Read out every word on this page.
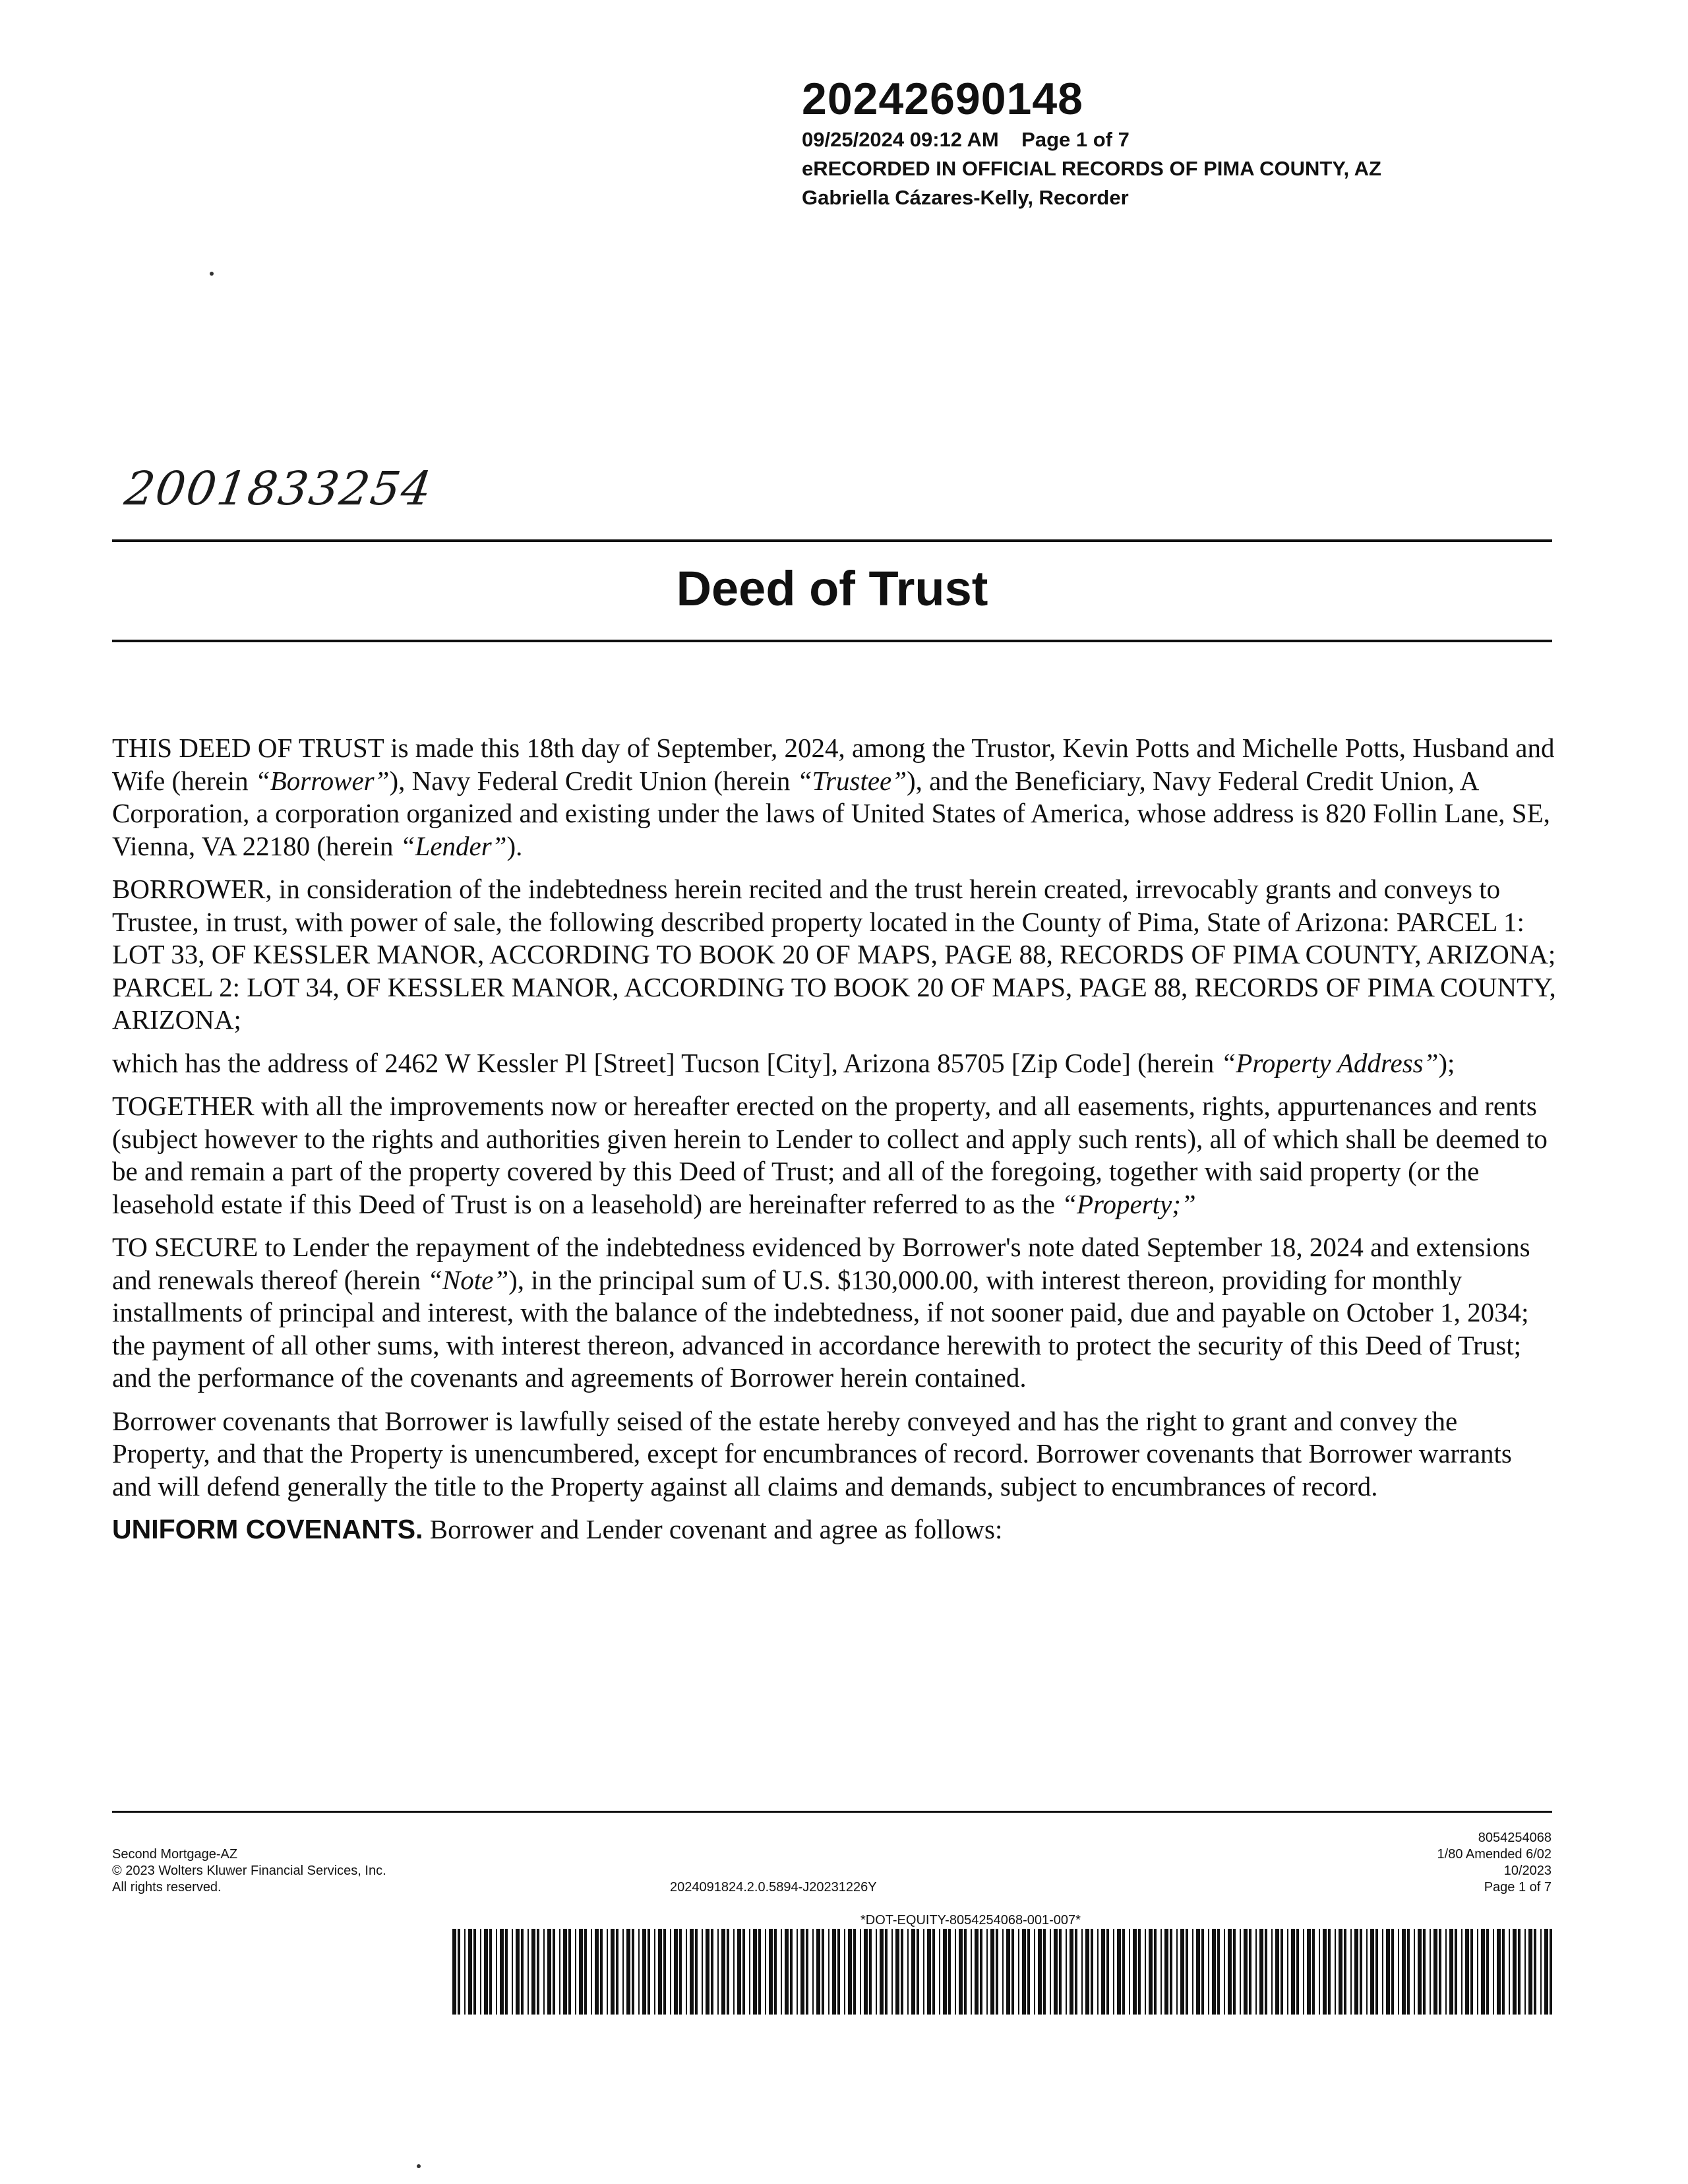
20242690148
09/25/2024 09:12 AM    Page 1 of 7
eRECORDED IN OFFICIAL RECORDS OF PIMA COUNTY, AZ
Gabriella Cázares-Kelly, Recorder
2001833254
Deed of Trust

THIS DEED OF TRUST is made this 18th day of September, 2024, among the Trustor, Kevin Potts and Michelle Potts, Husband and Wife (herein “Borrower”), Navy Federal Credit Union (herein “Trustee”), and the Beneficiary, Navy Federal Credit Union, A Corporation, a corporation organized and existing under the laws of United States of America, whose address is 820 Follin Lane, SE, Vienna, VA 22180 (herein “Lender”).

BORROWER, in consideration of the indebtedness herein recited and the trust herein created, irrevocably grants and conveys to Trustee, in trust, with power of sale, the following described property located in the County of Pima, State of Arizona: PARCEL 1: LOT 33, OF KESSLER MANOR, ACCORDING TO BOOK 20 OF MAPS, PAGE 88, RECORDS OF PIMA COUNTY, ARIZONA; PARCEL 2: LOT 34, OF KESSLER MANOR, ACCORDING TO BOOK 20 OF MAPS, PAGE 88, RECORDS OF PIMA COUNTY, ARIZONA;

which has the address of 2462 W Kessler Pl [Street] Tucson [City], Arizona 85705 [Zip Code] (herein “Property Address”);

TOGETHER with all the improvements now or hereafter erected on the property, and all easements, rights, appurtenances and rents (subject however to the rights and authorities given herein to Lender to collect and apply such rents), all of which shall be deemed to be and remain a part of the property covered by this Deed of Trust; and all of the foregoing, together with said property (or the leasehold estate if this Deed of Trust is on a leasehold) are hereinafter referred to as the “Property;”

TO SECURE to Lender the repayment of the indebtedness evidenced by Borrower's note dated September 18, 2024 and extensions and renewals thereof (herein “Note”), in the principal sum of U.S. $130,000.00, with interest thereon, providing for monthly installments of principal and interest, with the balance of the indebtedness, if not sooner paid, due and payable on October 1, 2034; the payment of all other sums, with interest thereon, advanced in accordance herewith to protect the security of this Deed of Trust; and the performance of the covenants and agreements of Borrower herein contained.

Borrower covenants that Borrower is lawfully seised of the estate hereby conveyed and has the right to grant and convey the Property, and that the Property is unencumbered, except for encumbrances of record. Borrower covenants that Borrower warrants and will defend generally the title to the Property against all claims and demands, subject to encumbrances of record.

UNIFORM COVENANTS. Borrower and Lender covenant and agree as follows:

Second Mortgage-AZ
© 2023 Wolters Kluwer Financial Services, Inc.
All rights reserved.	2024091824.2.0.5894-J20231226Y
8054254068
1/80 Amended 6/02
10/2023
Page 1 of 7
*DOT-EQUITY-8054254068-001-007*
